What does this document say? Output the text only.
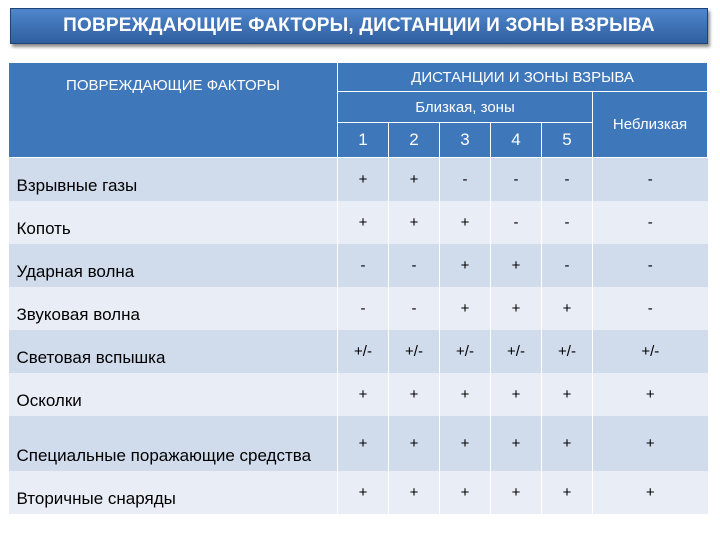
ПОВРЕЖДАЮЩИЕ ФАКТОРЫ, ДИСТАНЦИИ И ЗОНЫ ВЗРЫВА
ПОВРЕЖДАЮЩИЕ ФАКТОРЫ	ДИСТАНЦИИ И ЗОНЫ ВЗРЫВА					
	Близкая, зоны					Неблизкая
	1	2	3	4	5	
Взрывные газы	+	+	-	-	-	-
Копоть	+	+	+	-	-	-
Ударная волна	-	-	+	+	-	-
Звуковая волна	-	-	+	+	+	-
Световая вспышка	+/-	+/-	+/-	+/-	+/-	+/-
Осколки	+	+	+	+	+	+
Специальные поражающие средства	+	+	+	+	+	+
Вторичные снаряды	+	+	+	+	+	+
